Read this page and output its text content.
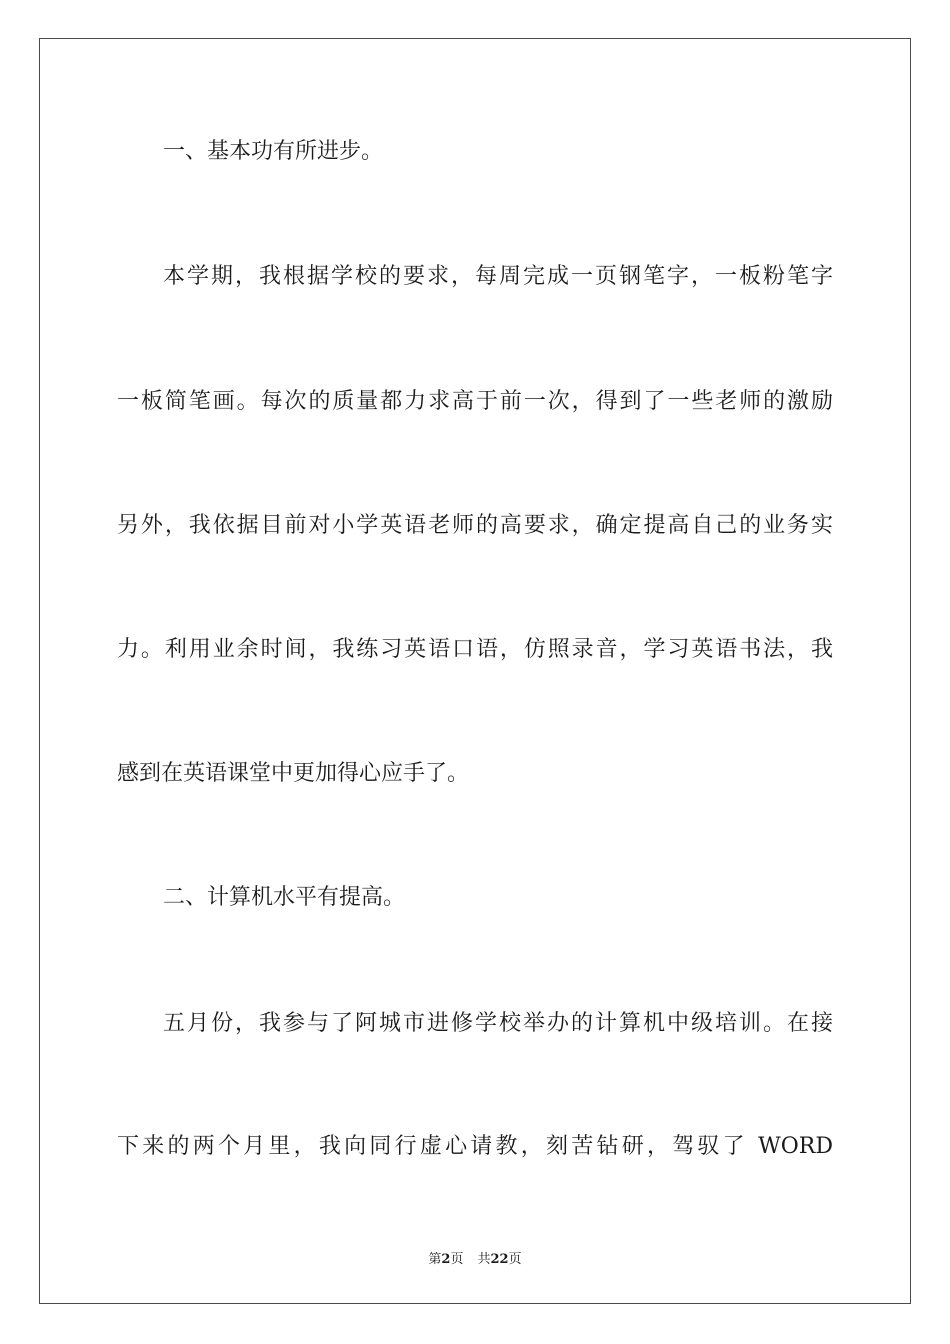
一、基本功有所进步。

本学期，我根据学校的要求，每周完成一页钢笔字，一板粉笔字

一板简笔画。每次的质量都力求高于前一次，得到了一些老师的激励

另外，我依据目前对小学英语老师的高要求，确定提高自己的业务实

力。利用业余时间，我练习英语口语，仿照录音，学习英语书法，我

感到在英语课堂中更加得心应手了。

二、计算机水平有提高。

五月份，我参与了阿城市进修学校举办的计算机中级培训。在接

下来的两个月里，我向同行虚心请教，刻苦钻研，驾驭了 WORD

第2页 共22页
